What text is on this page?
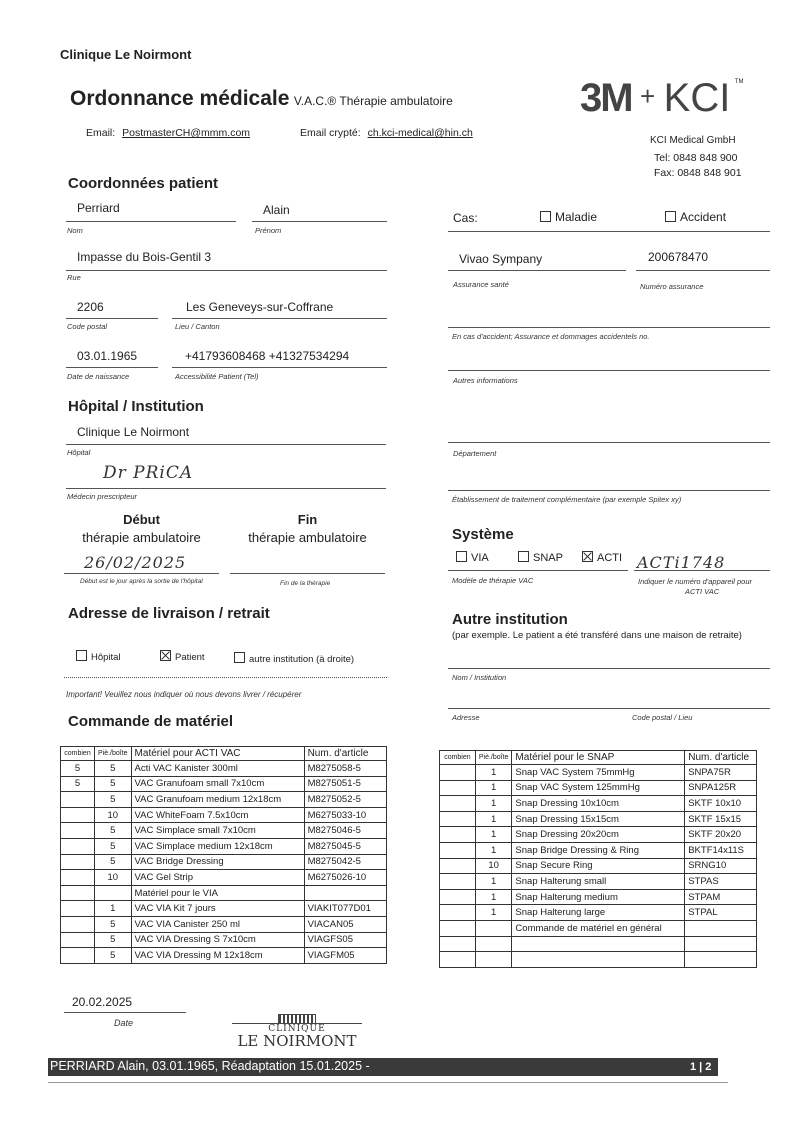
Clinique Le Noirmont
Ordonnance médicale V.A.C.® Thérapie ambulatoire
Email: PostmasterCH@mmm.com	Email crypté: ch.kci-medical@hin.ch
3M + KCI ™
KCI Medical GmbH
Tel: 0848 848 900
Fax: 0848 848 901
Coordonnées patient
Perriard	Alain
Nom	Prénom
Impasse du Bois-Gentil 3
Rue
2206	Les Geneveys-sur-Coffrane
Code postal	Lieu / Canton
03.01.1965	+41793608468 +41327534294
Date de naissance	Accessibilité Patient (Tel)
Cas:	Maladie	Accident
Vivao Sympany	200678470
Assurance santé	Numéro assurance
En cas d'accident; Assurance et dommages accidentels no.
Autres informations
Hôpital / Institution
Clinique Le Noirmont
Hôpital
Dr PRiCA
Médecin prescripteur
Département
Établissement de traitement complémentaire (par exemple Spitex xy)
Début
thérapie ambulatoire
Fin
thérapie ambulatoire
26/02/2025
Début est le jour après la sortie de l'hôpital	Fin de la thérapie
Système
VIA	SNAP	ACTI ACTi1748
Modèle de thérapie VAC	Indiquer le numéro d'appareil pour
ACTI VAC
Adresse de livraison / retrait
Hôpital	Patient	autre institution (à droite)
Important! Veuillez nous indiquer où nous devons livrer / récupérer
Autre institution
(par exemple. Le patient a été transféré dans une maison de retraite)
Nom / Institution
Adresse	Code postal / Lieu
Commande de matériel
combien	Piè./boîte	Matériel pour ACTI VAC	Num. d'article
5	5	Acti VAC Kanister 300ml	M8275058-5
5	5	VAC Granufoam small 7x10cm	M8275051-5
	5	VAC Granufoam medium 12x18cm	M8275052-5
	10	VAC WhiteFoam 7.5x10cm	M6275033-10
	5	VAC Simplace small 7x10cm	M8275046-5
	5	VAC Simplace medium 12x18cm	M8275045-5
	5	VAC Bridge Dressing	M8275042-5
	10	VAC Gel Strip	M6275026-10
		Matériel pour le VIA	
	1	VAC VIA Kit 7 jours	VIAKIT077D01
	5	VAC VIA Canister 250 ml	VIACAN05
	5	VAC VIA Dressing S 7x10cm	VIAGFS05
	5	VAC VIA Dressing M 12x18cm	VIAGFM05
combien	Piè./boîte	Matériel pour le SNAP	Num. d'article
	1	Snap VAC System 75mmHg	SNPA75R
	1	Snap VAC System 125mmHg	SNPA125R
	1	Snap Dressing 10x10cm	SKTF 10x10
	1	Snap Dressing 15x15cm	SKTF 15x15
	1	Snap Dressing 20x20cm	SKTF 20x20
	1	Snap Bridge Dressing & Ring	BKTF14x11S
	10	Snap Secure Ring	SRNG10
	1	Snap Halterung small	STPAS
	1	Snap Halterung medium	STPAM
	1	Snap Halterung large	STPAL
		Commande de matériel en général	

20.02.2025
Date
CLINIQUE
LE NOIRMONT
PERRIARD Alain, 03.01.1965, Réadaptation 15.01.2025 -	1 | 2
